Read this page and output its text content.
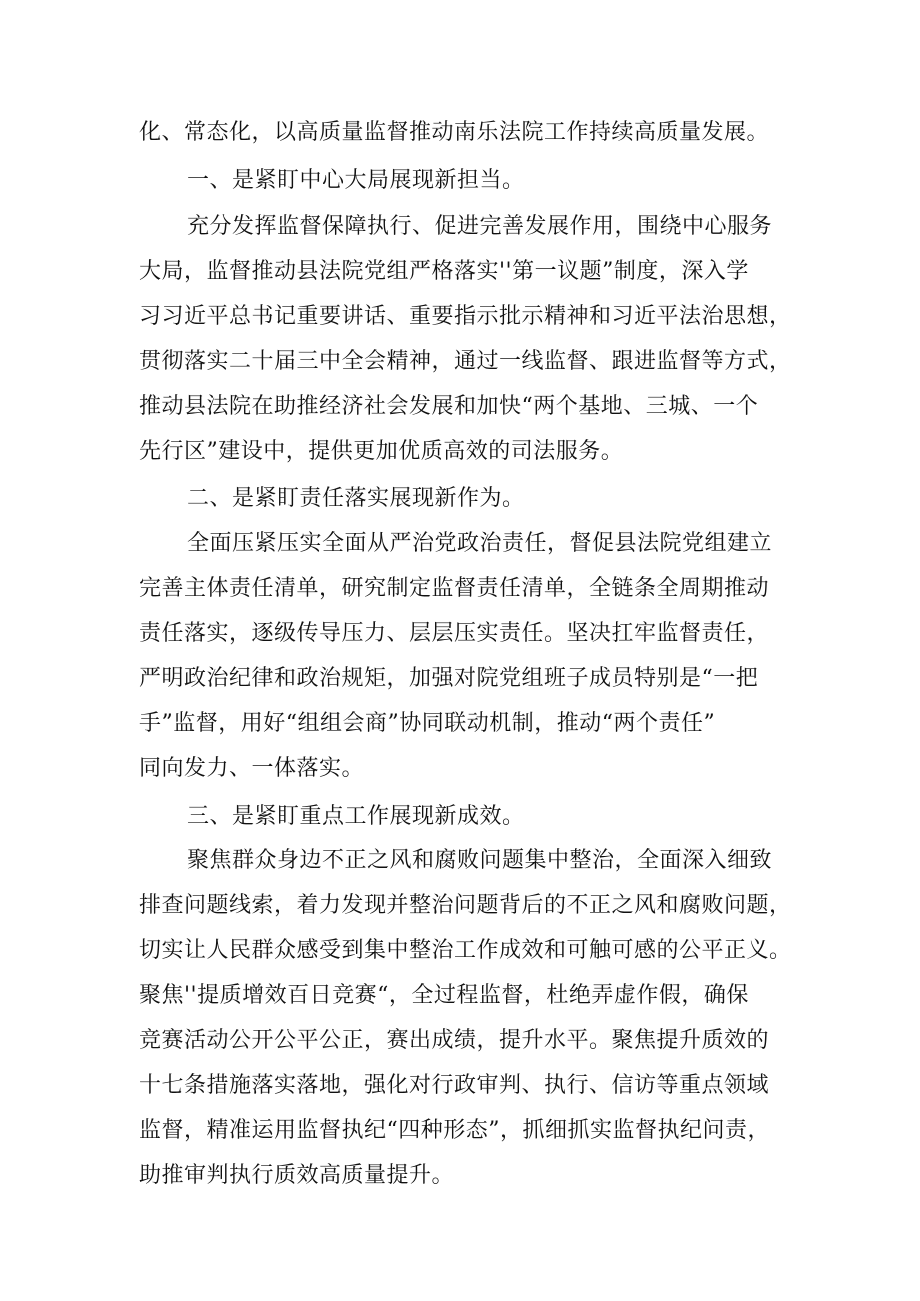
化、常态化，以高质量监督推动南乐法院工作持续高质量发展。
一、是紧盯中心大局展现新担当。
充分发挥监督保障执行、促进完善发展作用，围绕中心服务
大局，监督推动县法院党组严格落实''第一议题”制度，深入学
习习近平总书记重要讲话、重要指示批示精神和习近平法治思想，
贯彻落实二十届三中全会精神，通过一线监督、跟进监督等方式，
推动县法院在助推经济社会发展和加快“两个基地、三城、一个
先行区”建设中，提供更加优质高效的司法服务。
二、是紧盯责任落实展现新作为。
全面压紧压实全面从严治党政治责任，督促县法院党组建立
完善主体责任清单，研究制定监督责任清单，全链条全周期推动
责任落实，逐级传导压力、层层压实责任。坚决扛牢监督责任，
严明政治纪律和政治规矩，加强对院党组班子成员特别是“一把
手”监督，用好“组组会商”协同联动机制，推动“两个责任”
同向发力、一体落实。
三、是紧盯重点工作展现新成效。
聚焦群众身边不正之风和腐败问题集中整治，全面深入细致
排查问题线索，着力发现并整治问题背后的不正之风和腐败问题，
切实让人民群众感受到集中整治工作成效和可触可感的公平正义。
聚焦''提质增效百日竞赛“，全过程监督，杜绝弄虚作假，确保
竞赛活动公开公平公正，赛出成绩，提升水平。聚焦提升质效的
十七条措施落实落地，强化对行政审判、执行、信访等重点领域
监督，精准运用监督执纪“四种形态”，抓细抓实监督执纪问责，
助推审判执行质效高质量提升。
